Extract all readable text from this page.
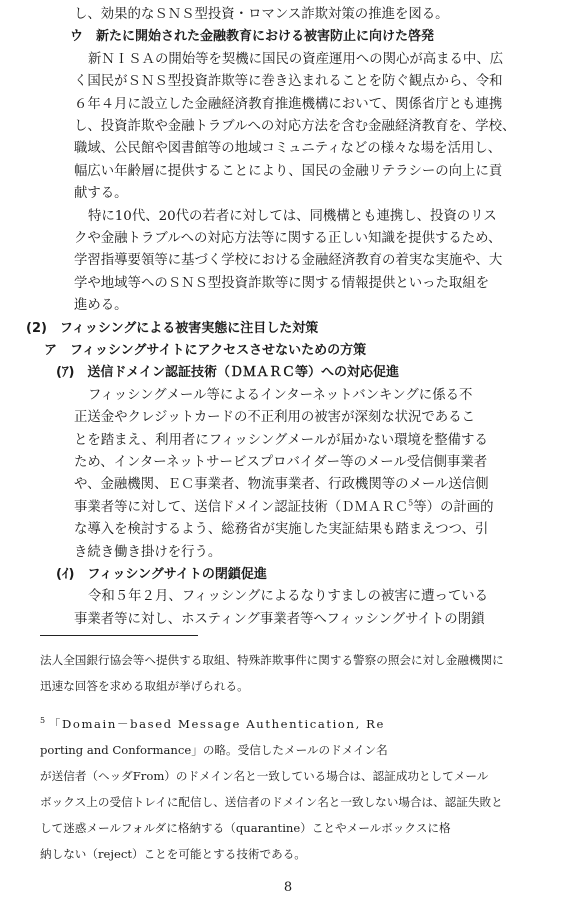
し、効果的なＳＮＳ型投資・ロマンス詐欺対策の推進を図る。
ウ　新たに開始された金融教育における被害防止に向けた啓発
新ＮＩＳＡの開始等を契機に国民の資産運用への関心が高まる中、広
く国民がＳＮＳ型投資詐欺等に巻き込まれることを防ぐ観点から、令和
６年４月に設立した金融経済教育推進機構において、関係省庁とも連携
し、投資詐欺や金融トラブルへの対応方法を含む金融経済教育を、学校、
職域、公民館や図書館等の地域コミュニティなどの様々な場を活用し、
幅広い年齢層に提供することにより、国民の金融リテラシーの向上に貢
献する。
特に10代、20代の若者に対しては、同機構とも連携し、投資のリス
クや金融トラブルへの対応方法等に関する正しい知識を提供するため、
学習指導要領等に基づく学校における金融経済教育の着実な実施や、大
学や地域等へのＳＮＳ型投資詐欺等に関する情報提供といった取組を
進める。
(2)　フィッシングによる被害実態に注目した対策
ア　フィッシングサイトにアクセスさせないための方策
(ｱ)　送信ドメイン認証技術（ＤＭＡＲＣ等）への対応促進
フィッシングメール等によるインターネットバンキングに係る不
正送金やクレジットカードの不正利用の被害が深刻な状況であるこ
とを踏まえ、利用者にフィッシングメールが届かない環境を整備する
ため、インターネットサービスプロバイダー等のメール受信側事業者
や、金融機関、ＥＣ事業者、物流事業者、行政機関等のメール送信側
事業者等に対して、送信ドメイン認証技術（ＤＭＡＲＣ$^5$等）の計画的
な導入を検討するよう、総務省が実施した実証結果も踏まえつつ、引
き続き働き掛けを行う。
(ｲ)　フィッシングサイトの閉鎖促進
令和５年２月、フィッシングによるなりすましの被害に遭っている
事業者等に対し、ホスティング事業者等へフィッシングサイトの閉鎖
法人全国銀行協会等へ提供する取組、特殊詐欺事件に関する警察の照会に対し金融機関に
迅速な回答を求める取組が挙げられる。
$^5$ 「Domain－based Message Authentication, Re
porting and Conformance」の略。受信したメールのドメイン名
が送信者（ヘッダFrom）のドメイン名と一致している場合は、認証成功としてメール
ボックス上の受信トレイに配信し、送信者のドメイン名と一致しない場合は、認証失敗と
して迷惑メールフォルダに格納する（quarantine）ことやメールボックスに格
納しない（reject）ことを可能とする技術である。
8
